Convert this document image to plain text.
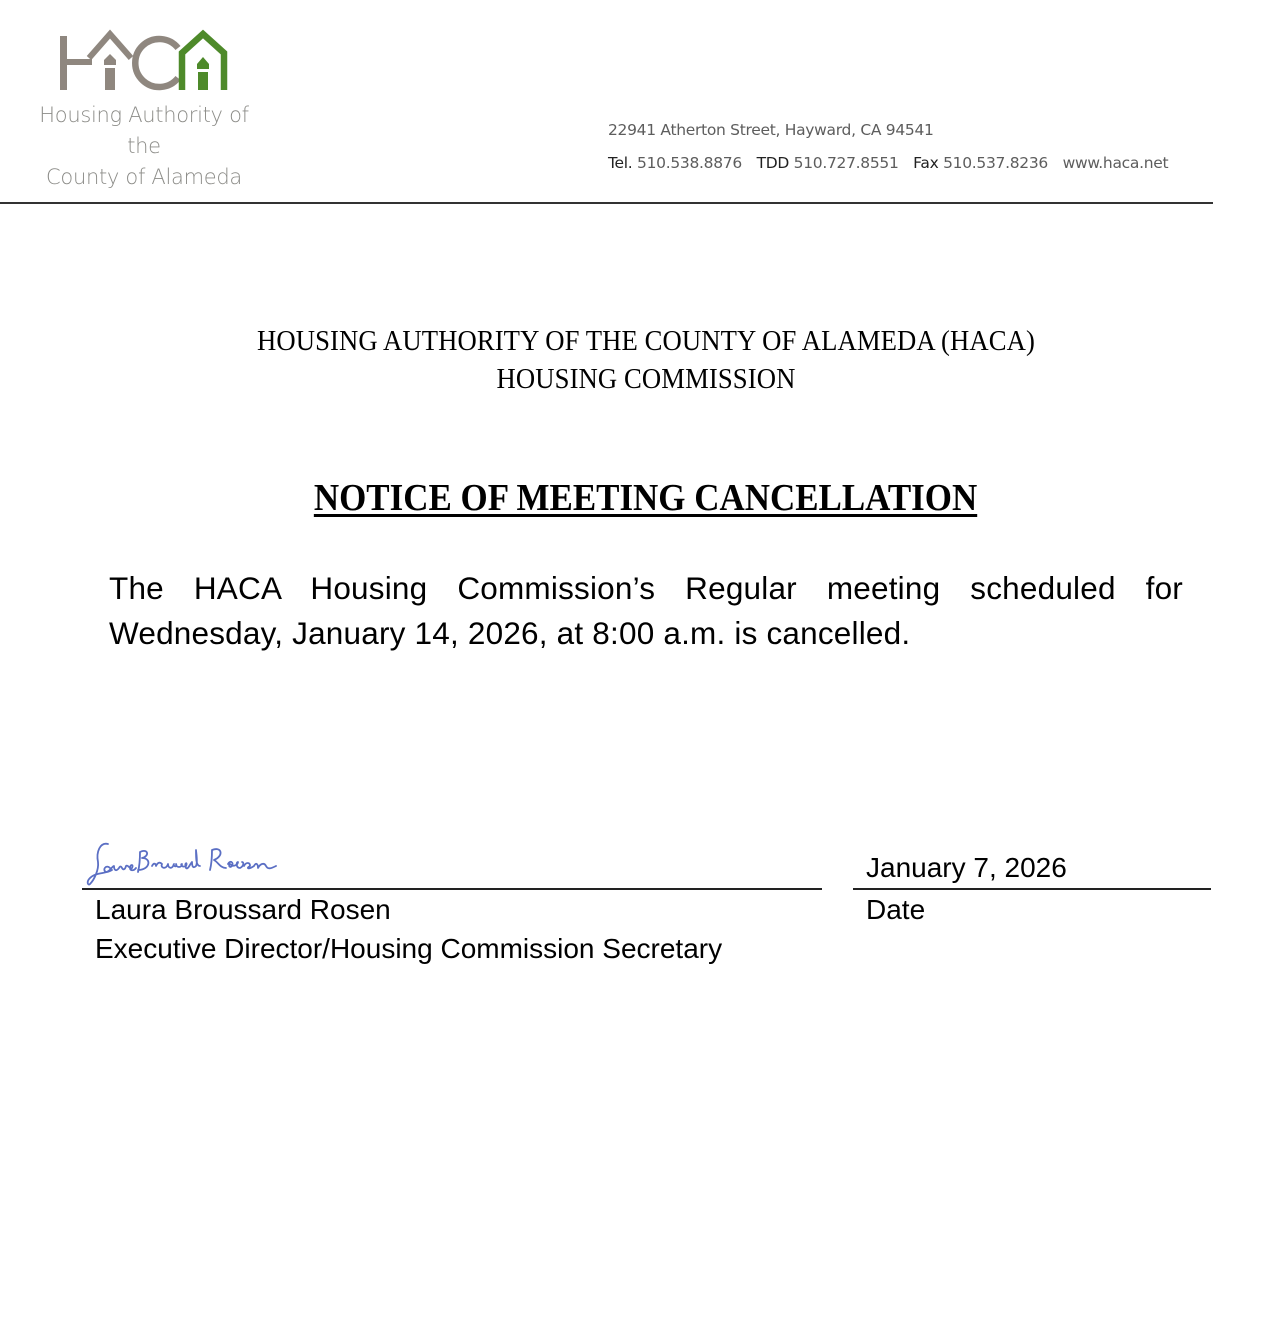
Housing Authority of the
County of Alameda
22941 Atherton Street, Hayward, CA 94541
Tel. 510.538.8876 TDD 510.727.8551 Fax 510.537.8236 www.haca.net
HOUSING AUTHORITY OF THE COUNTY OF ALAMEDA (HACA)
HOUSING COMMISSION
NOTICE OF MEETING CANCELLATION
The HACA Housing Commission’s Regular meeting scheduled for Wednesday, January 14, 2026, at 8:00 a.m. is cancelled.
January 7, 2026
Laura Broussard Rosen
Executive Director/Housing Commission Secretary
Date
